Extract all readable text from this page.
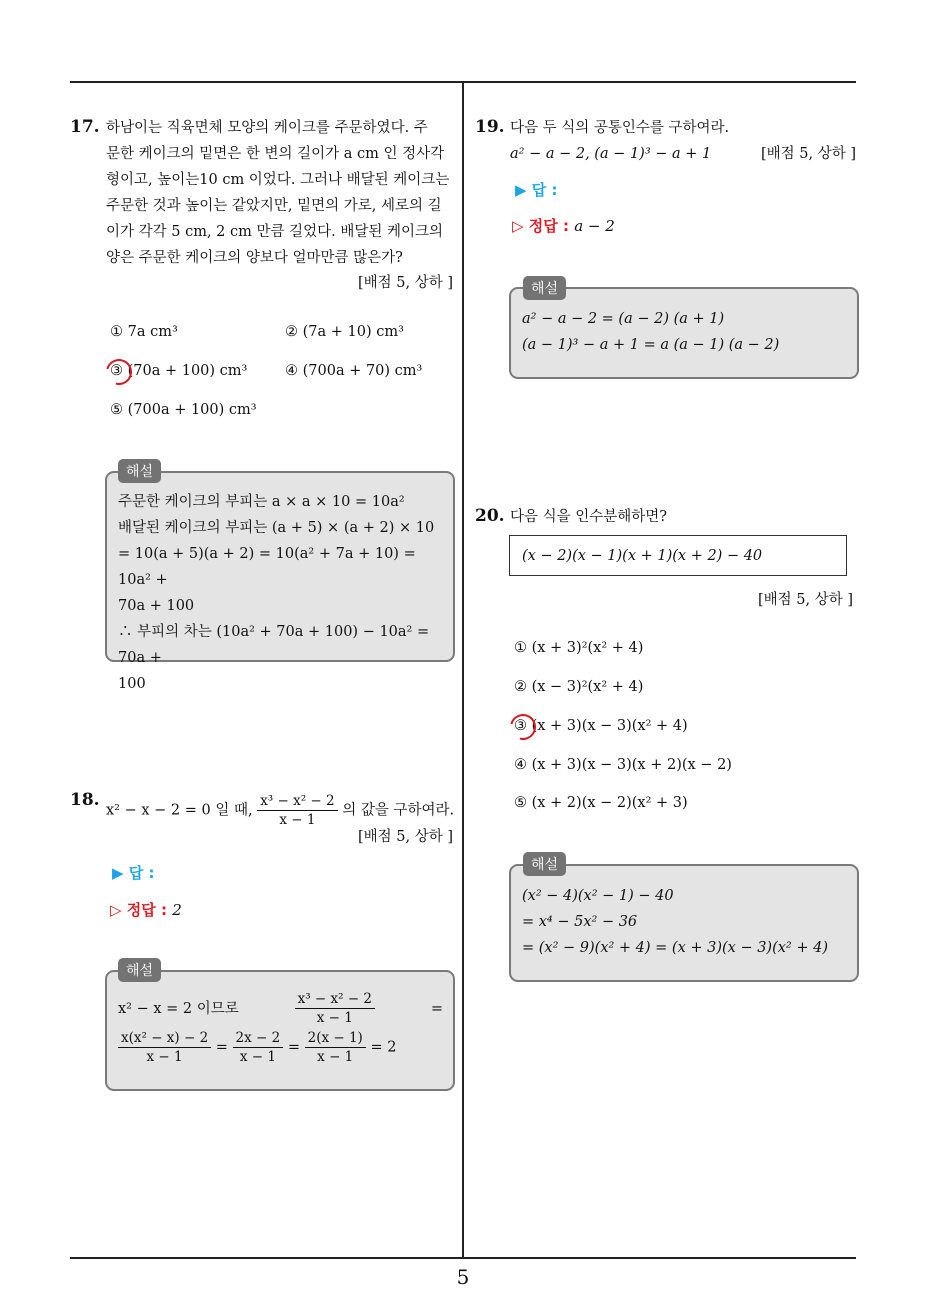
17. 하남이는 직육면체 모양의 케이크를 주문하였다. 주
문한 케이크의 밑면은 한 변의 길이가 a cm 인 정사각
형이고, 높이는10 cm 이었다. 그러나 배달된 케이크는
주문한 것과 높이는 같았지만, 밑면의 가로, 세로의 길
이가 각각 5 cm, 2 cm 만큼 길었다. 배달된 케이크의
양은 주문한 케이크의 양보다 얼마만큼 많은가?
[배점 5, 상하 ]
① 7a cm³	② (7a + 10) cm³
③ (70a + 100) cm³	④ (700a + 70) cm³
⑤ (700a + 100) cm³
해설
주문한 케이크의 부피는 a × a × 10 = 10a²
배달된 케이크의 부피는 (a + 5) × (a + 2) × 10
= 10(a + 5)(a + 2) = 10(a² + 7a + 10) = 10a² +
70a + 100
∴ 부피의 차는 (10a² + 70a + 100) − 10a² = 70a +
100
18.
x² − x − 2 = 0 일 때, $\frac{\text{x³ − x² − 2}}{x - 1}$ 의 값을 구하여라.
[배점 5, 상하 ]
▶ 답 :
▷ 정답 : 2
해설
x² − x = 2 이므로	$\frac{\text{x³ − x² − 2}}{x - 1}$	=
$\frac{\text{x(x² − x) − 2}}{x - 1} = \frac{2x - 2}{x - 1} = \frac{2(x - 1)}{x - 1} = 2$
19. 다음 두 식의 공통인수를 구하여라.
a² − a − 2, (a − 1)³ − a + 1	[배점 5, 상하 ]
▶ 답 :
▷ 정답 : a − 2
해설
a² − a − 2 = (a − 2) (a + 1)
(a − 1)³ − a + 1 = a (a − 1) (a − 2)
20. 다음 식을 인수분해하면?
(x − 2)(x − 1)(x + 1)(x + 2) − 40
[배점 5, 상하 ]
① (x + 3)²(x² + 4)
② (x − 3)²(x² + 4)
③ (x + 3)(x − 3)(x² + 4)
④ (x + 3)(x − 3)(x + 2)(x − 2)
⑤ (x + 2)(x − 2)(x² + 3)
해설
(x² − 4)(x² − 1) − 40
= x⁴ − 5x² − 36
= (x² − 9)(x² + 4) = (x + 3)(x − 3)(x² + 4)
5
